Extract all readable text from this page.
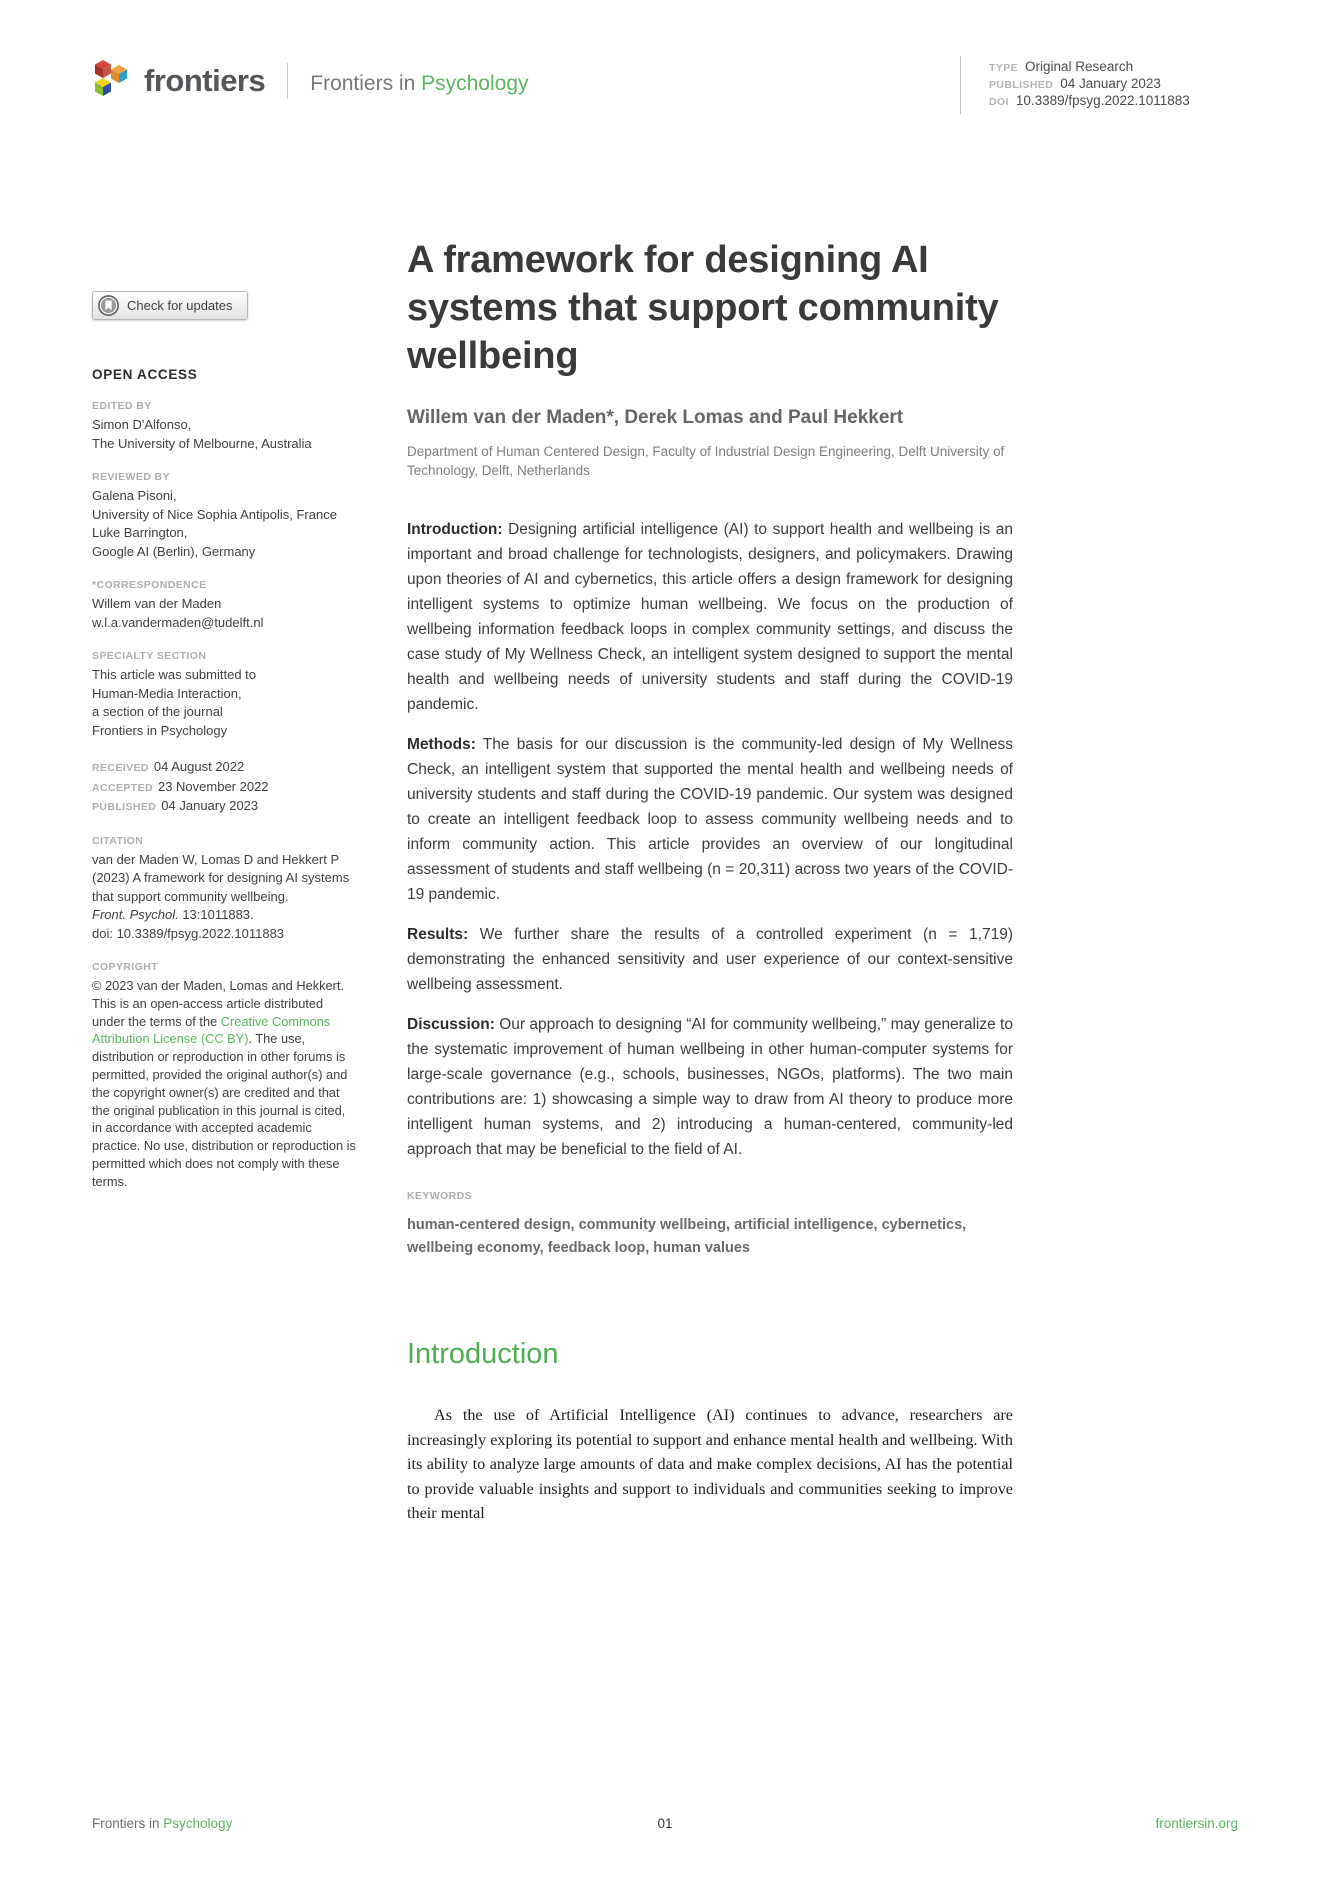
frontiers Frontiers in Psychology
TYPE Original Research
PUBLISHED 04 January 2023
DOI 10.3389/fpsyg.2022.1011883
Check for updates
OPEN ACCESS
EDITED BY
Simon D'Alfonso,
The University of Melbourne, Australia
REVIEWED BY
Galena Pisoni,
University of Nice Sophia Antipolis, France
Luke Barrington,
Google AI (Berlin), Germany
*CORRESPONDENCE
Willem van der Maden
w.l.a.vandermaden@tudelft.nl
SPECIALTY SECTION
This article was submitted to
Human-Media Interaction,
a section of the journal
Frontiers in Psychology
RECEIVED 04 August 2022
ACCEPTED 23 November 2022
PUBLISHED 04 January 2023
CITATION
van der Maden W, Lomas D and Hekkert P (2023) A framework for designing AI systems that support community wellbeing.
Front. Psychol. 13:1011883.
doi: 10.3389/fpsyg.2022.1011883
COPYRIGHT
© 2023 van der Maden, Lomas and Hekkert. This is an open-access article distributed under the terms of the Creative Commons Attribution License (CC BY). The use, distribution or reproduction in other forums is permitted, provided the original author(s) and the copyright owner(s) are credited and that the original publication in this journal is cited, in accordance with accepted academic practice. No use, distribution or reproduction is permitted which does not comply with these terms.
A framework for designing AI systems that support community wellbeing
Willem van der Maden*, Derek Lomas and Paul Hekkert
Department of Human Centered Design, Faculty of Industrial Design Engineering, Delft University of Technology, Delft, Netherlands

Introduction: Designing artificial intelligence (AI) to support health and wellbeing is an important and broad challenge for technologists, designers, and policymakers. Drawing upon theories of AI and cybernetics, this article offers a design framework for designing intelligent systems to optimize human wellbeing. We focus on the production of wellbeing information feedback loops in complex community settings, and discuss the case study of My Wellness Check, an intelligent system designed to support the mental health and wellbeing needs of university students and staff during the COVID-19 pandemic.

Methods: The basis for our discussion is the community-led design of My Wellness Check, an intelligent system that supported the mental health and wellbeing needs of university students and staff during the COVID-19 pandemic. Our system was designed to create an intelligent feedback loop to assess community wellbeing needs and to inform community action. This article provides an overview of our longitudinal assessment of students and staff wellbeing (n = 20,311) across two years of the COVID-19 pandemic.

Results: We further share the results of a controlled experiment (n = 1,719) demonstrating the enhanced sensitivity and user experience of our context-sensitive wellbeing assessment.

Discussion: Our approach to designing “AI for community wellbeing,” may generalize to the systematic improvement of human wellbeing in other human-computer systems for large-scale governance (e.g., schools, businesses, NGOs, platforms). The two main contributions are: 1) showcasing a simple way to draw from AI theory to produce more intelligent human systems, and 2) introducing a human-centered, community-led approach that may be beneficial to the field of AI.

KEYWORDS
human-centered design, community wellbeing, artificial intelligence, cybernetics, wellbeing economy, feedback loop, human values
Introduction
As the use of Artificial Intelligence (AI) continues to advance, researchers are increasingly exploring its potential to support and enhance mental health and wellbeing. With its ability to analyze large amounts of data and make complex decisions, AI has the potential to provide valuable insights and support to individuals and communities seeking to improve their mental
Frontiers in Psychology	01	frontiersin.org
